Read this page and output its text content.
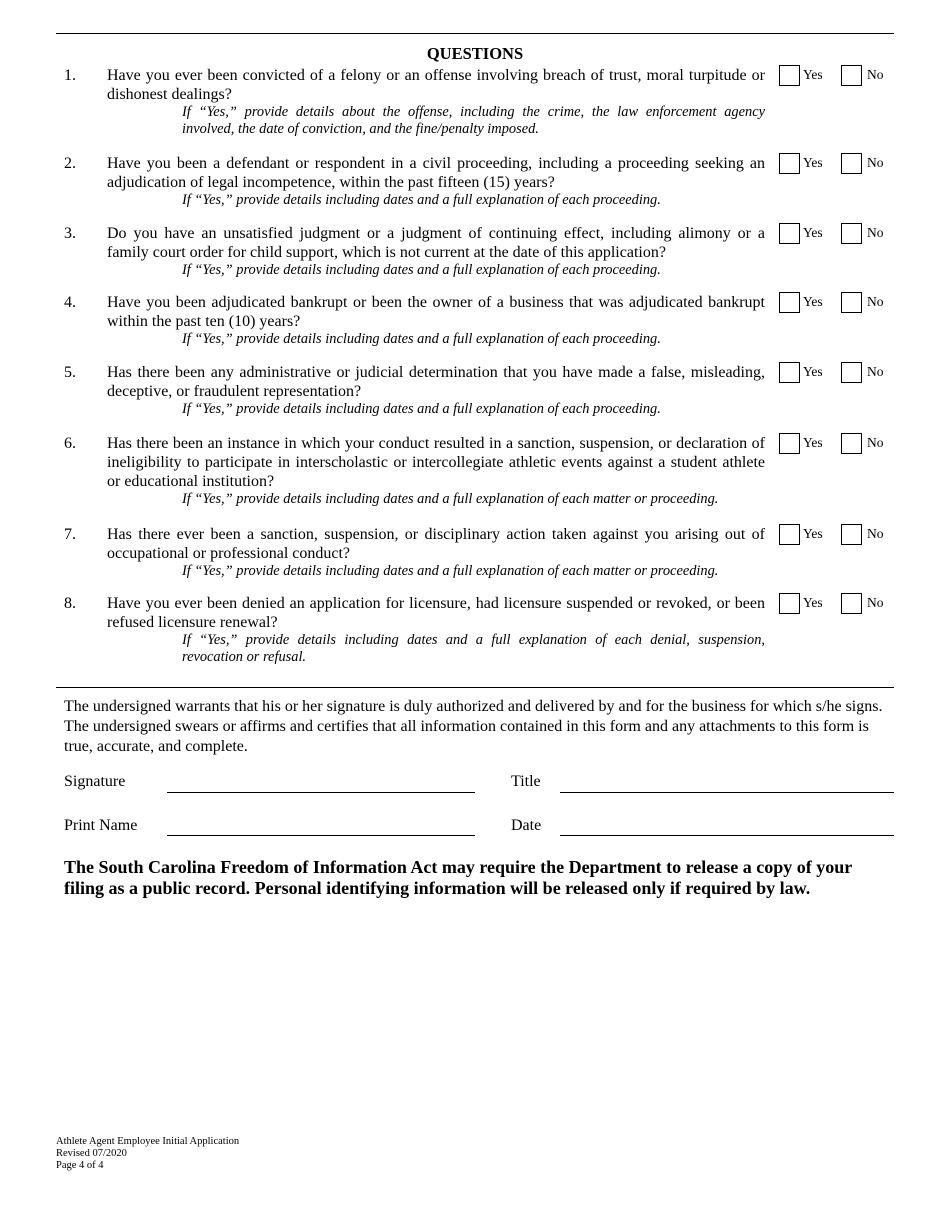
QUESTIONS
1. Have you ever been convicted of a felony or an offense involving breach of trust, moral turpitude or dishonest dealings?
If “Yes,” provide details about the offense, including the crime, the law enforcement agency involved, the date of conviction, and the fine/penalty imposed.
Yes	No
2. Have you been a defendant or respondent in a civil proceeding, including a proceeding seeking an adjudication of legal incompetence, within the past fifteen (15) years?
If “Yes,” provide details including dates and a full explanation of each proceeding.
Yes	No
3. Do you have an unsatisfied judgment or a judgment of continuing effect, including alimony or a family court order for child support, which is not current at the date of this application?
If “Yes,” provide details including dates and a full explanation of each proceeding.
Yes	No
4. Have you been adjudicated bankrupt or been the owner of a business that was adjudicated bankrupt within the past ten (10) years?
If “Yes,” provide details including dates and a full explanation of each proceeding.
Yes	No
5. Has there been any administrative or judicial determination that you have made a false, misleading, deceptive, or fraudulent representation?
If “Yes,” provide details including dates and a full explanation of each proceeding.
Yes	No
6. Has there been an instance in which your conduct resulted in a sanction, suspension, or declaration of ineligibility to participate in interscholastic or intercollegiate athletic events against a student athlete or educational institution?
If “Yes,” provide details including dates and a full explanation of each matter or proceeding.
Yes	No
7. Has there ever been a sanction, suspension, or disciplinary action taken against you arising out of occupational or professional conduct?
If “Yes,” provide details including dates and a full explanation of each matter or proceeding.
Yes	No
8. Have you ever been denied an application for licensure, had licensure suspended or revoked, or been refused licensure renewal?
If “Yes,” provide details including dates and a full explanation of each denial, suspension, revocation or refusal.
Yes	No
The undersigned warrants that his or her signature is duly authorized and delivered by and for the business for which s/he signs. The undersigned swears or affirms and certifies that all information contained in this form and any attachments to this form is true, accurate, and complete.
Signature	Title
Print Name	Date
The South Carolina Freedom of Information Act may require the Department to release a copy of your filing as a public record. Personal identifying information will be released only if required by law.
Athlete Agent Employee Initial Application
Revised 07/2020
Page 4 of 4
